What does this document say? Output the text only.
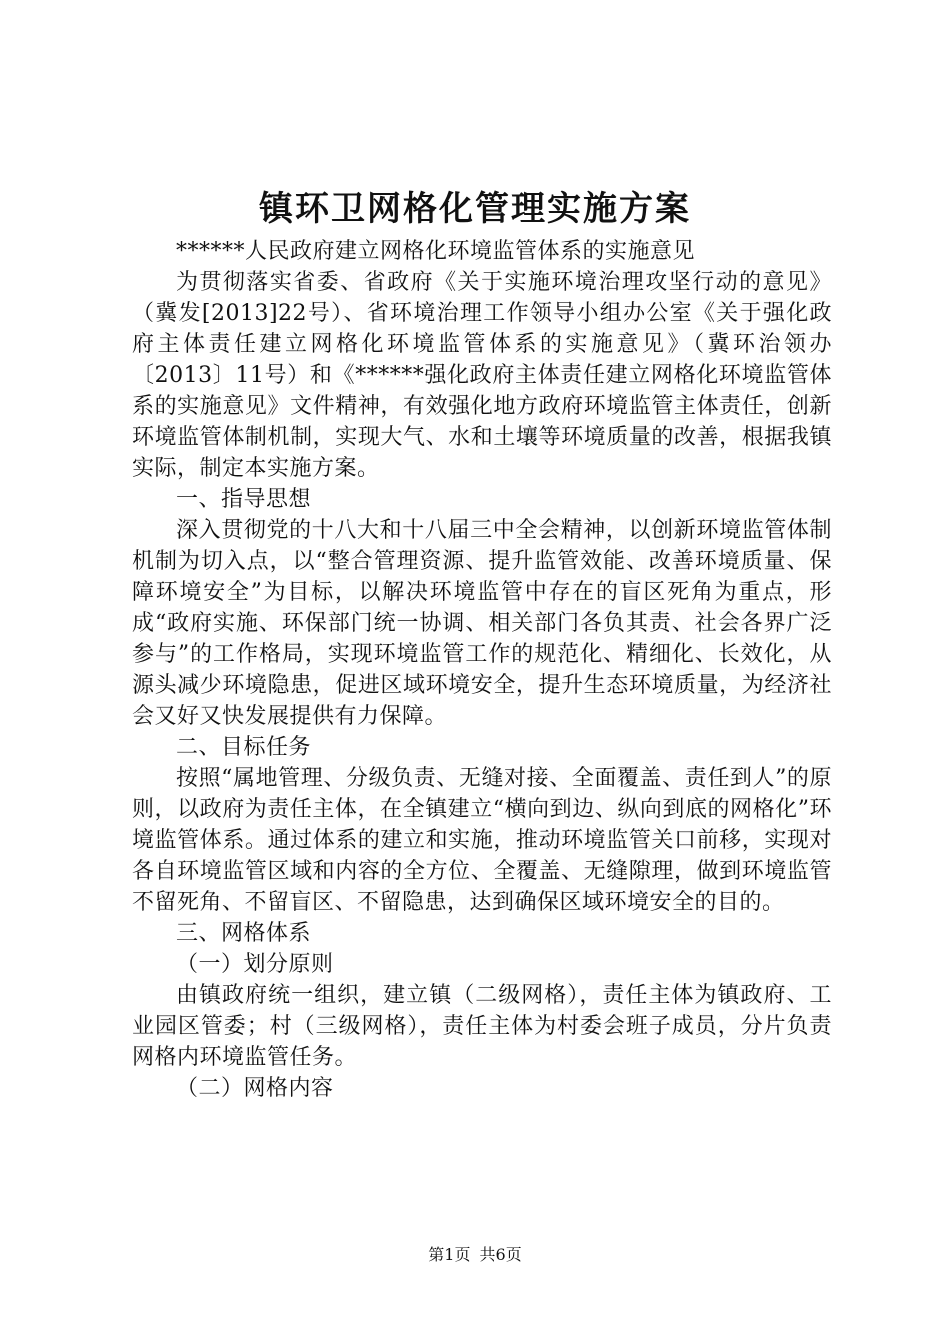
镇环卫网格化管理实施方案

******人民政府建立网格化环境监管体系的实施意见

为贯彻落实省委、省政府《关于实施环境治理攻坚行动的意见》（冀发[2013]22号）、省环境治理工作领导小组办公室《关于强化政府主体责任建立网格化环境监管体系的实施意见》（冀环治领办〔2013〕11号）和《******强化政府主体责任建立网格化环境监管体系的实施意见》文件精神，有效强化地方政府环境监管主体责任，创新环境监管体制机制，实现大气、水和土壤等环境质量的改善，根据我镇实际，制定本实施方案。

一、指导思想

深入贯彻党的十八大和十八届三中全会精神，以创新环境监管体制机制为切入点，以“整合管理资源、提升监管效能、改善环境质量、保障环境安全”为目标，以解决环境监管中存在的盲区死角为重点，形成“政府实施、环保部门统一协调、相关部门各负其责、社会各界广泛参与”的工作格局，实现环境监管工作的规范化、精细化、长效化，从源头减少环境隐患，促进区域环境安全，提升生态环境质量，为经济社会又好又快发展提供有力保障。

二、目标任务

按照“属地管理、分级负责、无缝对接、全面覆盖、责任到人”的原则，以政府为责任主体，在全镇建立“横向到边、纵向到底的网格化”环境监管体系。通过体系的建立和实施，推动环境监管关口前移，实现对各自环境监管区域和内容的全方位、全覆盖、无缝隙理，做到环境监管不留死角、不留盲区、不留隐患，达到确保区域环境安全的目的。

三、网格体系

（一）划分原则

由镇政府统一组织，建立镇（二级网格），责任主体为镇政府、工业园区管委；村（三级网格），责任主体为村委会班子成员，分片负责网格内环境监管任务。

（二）网格内容

第1页 共6页
